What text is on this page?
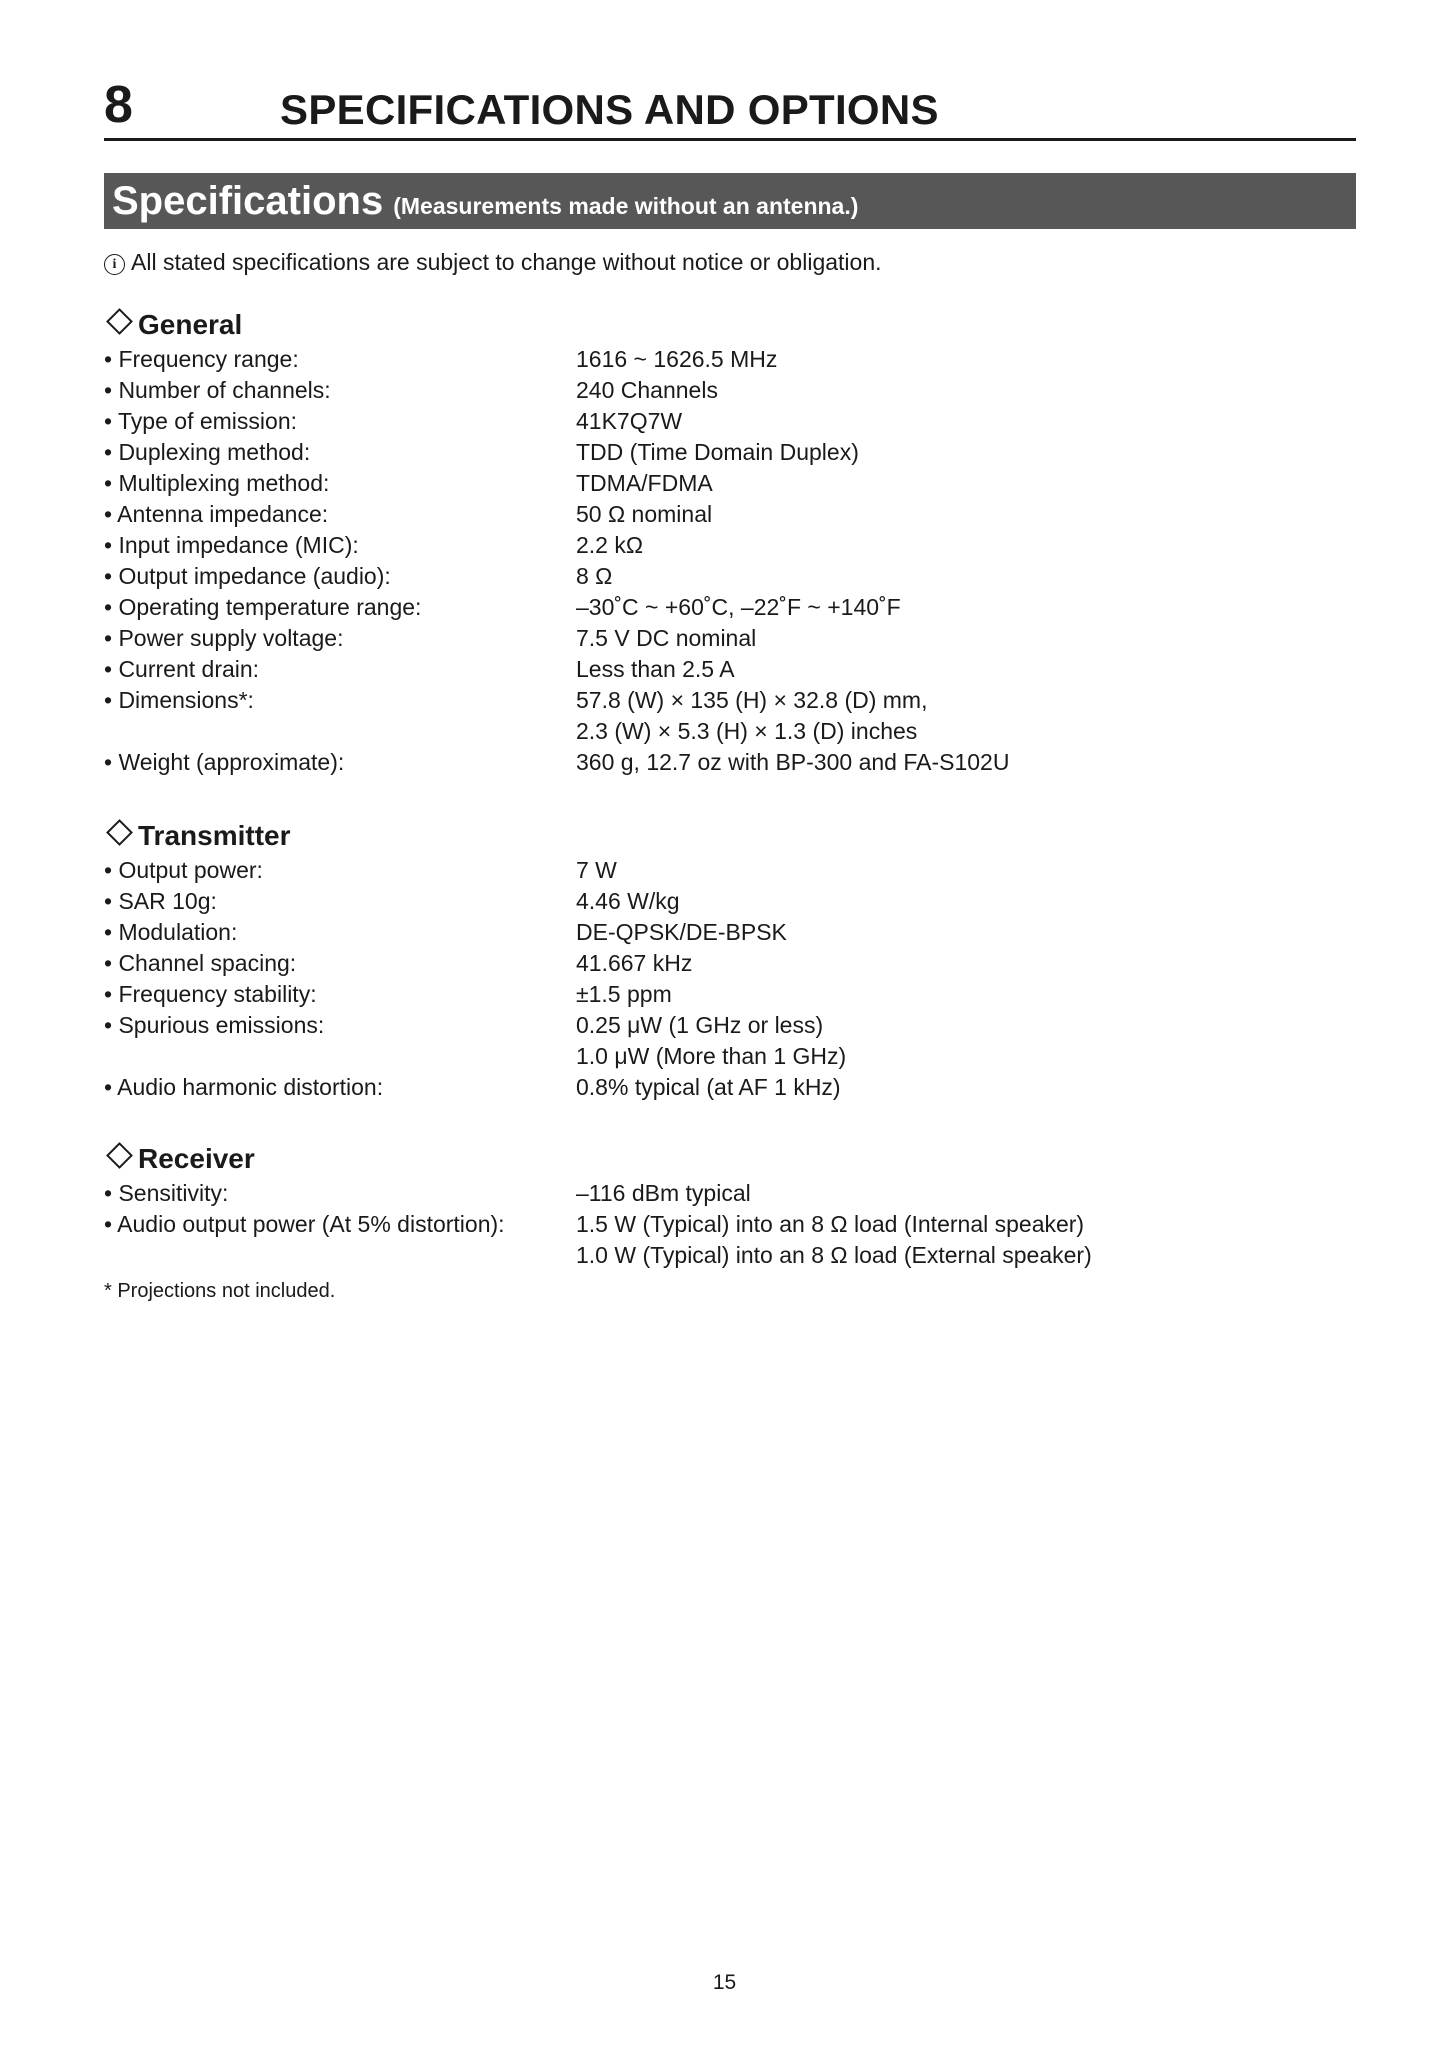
8	SPECIFICATIONS AND OPTIONS
Specifications (Measurements made without an antenna.)
i All stated specifications are subject to change without notice or obligation.
General
• Frequency range:	1616 ~ 1626.5 MHz
• Number of channels:	240 Channels
• Type of emission:	41K7Q7W
• Duplexing method:	TDD (Time Domain Duplex)
• Multiplexing method:	TDMA/FDMA
• Antenna impedance:	50 Ω nominal
• Input impedance (MIC):	2.2 kΩ
• Output impedance (audio):	8 Ω
• Operating temperature range:	–30˚C ~ +60˚C, –22˚F ~ +140˚F
• Power supply voltage:	7.5 V DC nominal
• Current drain:	Less than 2.5 A
• Dimensions*:	57.8 (W) × 135 (H) × 32.8 (D) mm,
2.3 (W) × 5.3 (H) × 1.3 (D) inches
• Weight (approximate):	360 g, 12.7 oz with BP-300 and FA-S102U
Transmitter
• Output power:	7 W
• SAR 10g:	4.46 W/kg
• Modulation:	DE-QPSK/DE-BPSK
• Channel spacing:	41.667 kHz
• Frequency stability:	±1.5 ppm
• Spurious emissions:	0.25 μW (1 GHz or less)
1.0 μW (More than 1 GHz)
• Audio harmonic distortion:	0.8% typical (at AF 1 kHz)
Receiver
• Sensitivity:	–116 dBm typical
• Audio output power (At 5% distortion):	1.5 W (Typical) into an 8 Ω load (Internal speaker)
1.0 W (Typical) into an 8 Ω load (External speaker)
* Projections not included.
15
